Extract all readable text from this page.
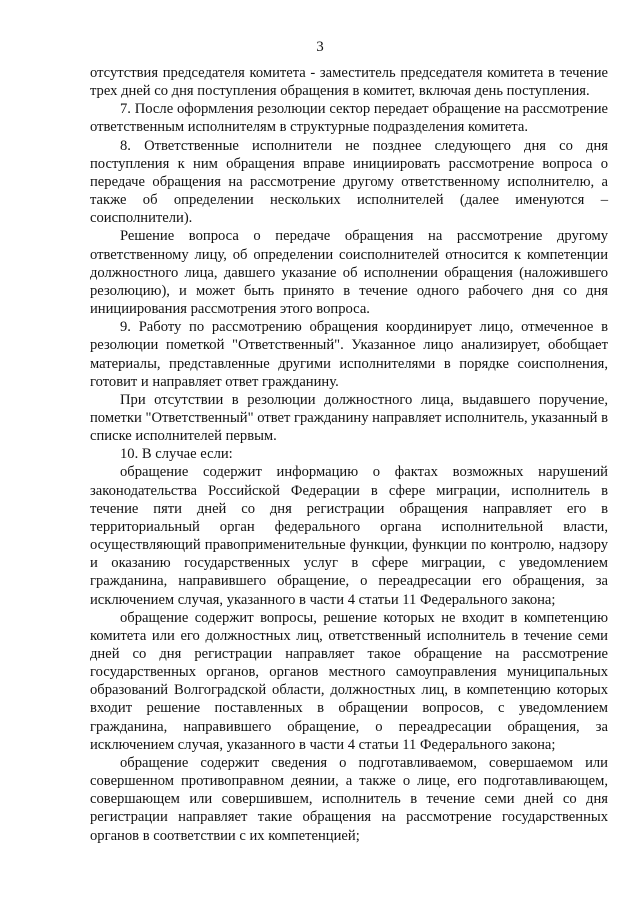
3

отсутствия председателя комитета - заместитель председателя комитета в течение трех дней со дня поступления обращения в комитет, включая день поступления.

7. После оформления резолюции сектор передает обращение на рассмотрение ответственным исполнителям в структурные подразделения комитета.

8. Ответственные исполнители не позднее следующего дня со дня поступления к ним обращения вправе инициировать рассмотрение вопроса о передаче обращения на рассмотрение другому ответственному исполнителю, а также об определении нескольких исполнителей (далее именуются – соисполнители).

Решение вопроса о передаче обращения на рассмотрение другому ответственному лицу, об определении соисполнителей относится к компетенции должностного лица, давшего указание об исполнении обращения (наложившего резолюцию), и может быть принято в течение одного рабочего дня со дня инициирования рассмотрения этого вопроса.

9. Работу по рассмотрению обращения координирует лицо, отмеченное в резолюции пометкой "Ответственный". Указанное лицо анализирует, обобщает материалы, представленные другими исполнителями в порядке соисполнения, готовит и направляет ответ гражданину.

При отсутствии в резолюции должностного лица, выдавшего поручение, пометки "Ответственный" ответ гражданину направляет исполнитель, указанный в списке исполнителей первым.

10. В случае если:

обращение содержит информацию о фактах возможных нарушений законодательства Российской Федерации в сфере миграции, исполнитель в течение пяти дней со дня регистрации обращения направляет его в территориальный орган федерального органа исполнительной власти, осуществляющий правоприменительные функции, функции по контролю, надзору и оказанию государственных услуг в сфере миграции, с уведомлением гражданина, направившего обращение, о переадресации его обращения, за исключением случая, указанного в части 4 статьи 11 Федерального закона;

обращение содержит вопросы, решение которых не входит в компетенцию комитета или его должностных лиц, ответственный исполнитель в течение семи дней со дня регистрации направляет такое обращение на рассмотрение государственных органов, органов местного самоуправления муниципальных образований Волгоградской области, должностных лиц, в компетенцию которых входит решение поставленных в обращении вопросов, с уведомлением гражданина, направившего обращение, о переадресации обращения, за исключением случая, указанного в части 4 статьи 11 Федерального закона;

обращение содержит сведения о подготавливаемом, совершаемом или совершенном противоправном деянии, а также о лице, его подготавливающем, совершающем или совершившем, исполнитель в течение семи дней со дня регистрации направляет такие обращения на рассмотрение государственных органов в соответствии с их компетенцией;
